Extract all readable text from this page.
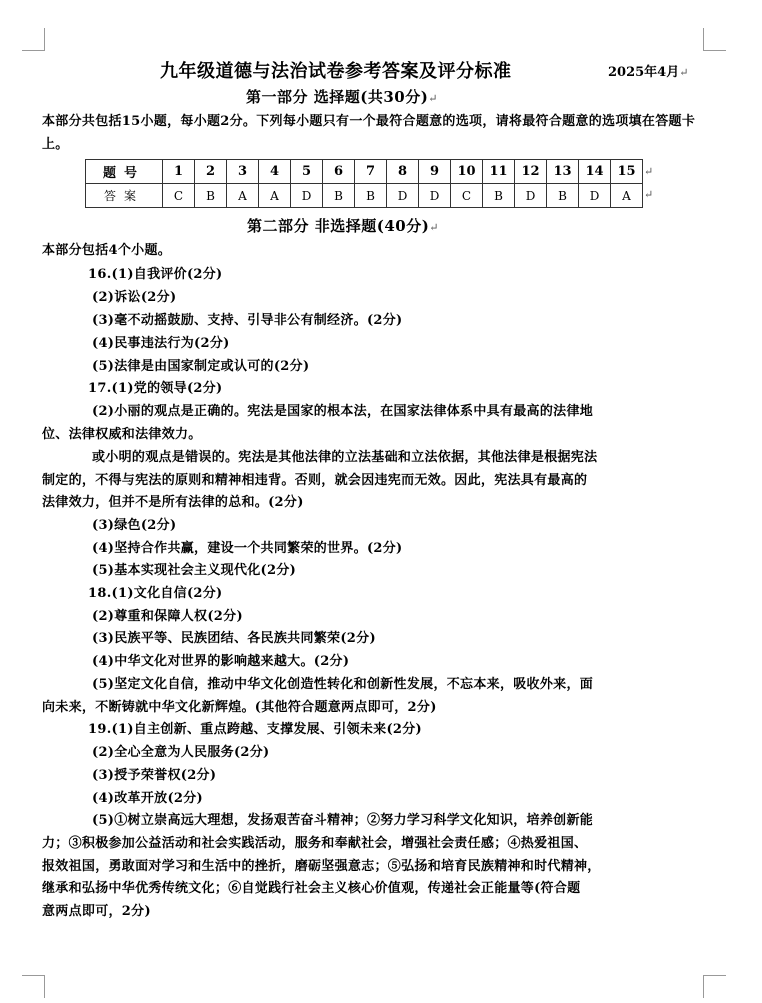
九年级道德与法治试卷参考答案及评分标准	2025年4月↵
第一部分 选择题(共30分)↵
本部分共包括15小题，每小题2分。下列每小题只有一个最符合题意的选项，请将最符合题意的选项填在答题卡上。
题号	1	2	3	4	5	6	7	8	9	10	11	12	13	14	15
答案	C	B	A	A	D	B	B	D	D	C	B	D	B	D	A
↵
↵
第二部分 非选择题(40分)↵
本部分包括4个小题。
16.(1)自我评价(2分)
(2)诉讼(2分)
(3)毫不动摇鼓励、支持、引导非公有制经济。(2分)
(4)民事违法行为(2分)
(5)法律是由国家制定或认可的(2分)
17.(1)党的领导(2分)
(2)小丽的观点是正确的。宪法是国家的根本法，在国家法律体系中具有最高的法律地
位、法律权威和法律效力。
或小明的观点是错误的。宪法是其他法律的立法基础和立法依据，其他法律是根据宪法
制定的，不得与宪法的原则和精神相违背。否则，就会因违宪而无效。因此，宪法具有最高的
法律效力，但并不是所有法律的总和。(2分)
(3)绿色(2分)
(4)坚持合作共赢，建设一个共同繁荣的世界。(2分)
(5)基本实现社会主义现代化(2分)
18.(1)文化自信(2分)
(2)尊重和保障人权(2分)
(3)民族平等、民族团结、各民族共同繁荣(2分)
(4)中华文化对世界的影响越来越大。(2分)
(5)坚定文化自信，推动中华文化创造性转化和创新性发展，不忘本来，吸收外来，面
向未来，不断铸就中华文化新辉煌。(其他符合题意两点即可，2分)
19.(1)自主创新、重点跨越、支撑发展、引领未来(2分)
(2)全心全意为人民服务(2分)
(3)授予荣誉权(2分)
(4)改革开放(2分)
(5)①树立崇高远大理想，发扬艰苦奋斗精神；②努力学习科学文化知识，培养创新能
力；③积极参加公益活动和社会实践活动，服务和奉献社会，增强社会责任感；④热爱祖国、
报效祖国，勇敢面对学习和生活中的挫折，磨砺坚强意志；⑤弘扬和培育民族精神和时代精神，
继承和弘扬中华优秀传统文化；⑥自觉践行社会主义核心价值观，传递社会正能量等(符合题
意两点即可，2分)
